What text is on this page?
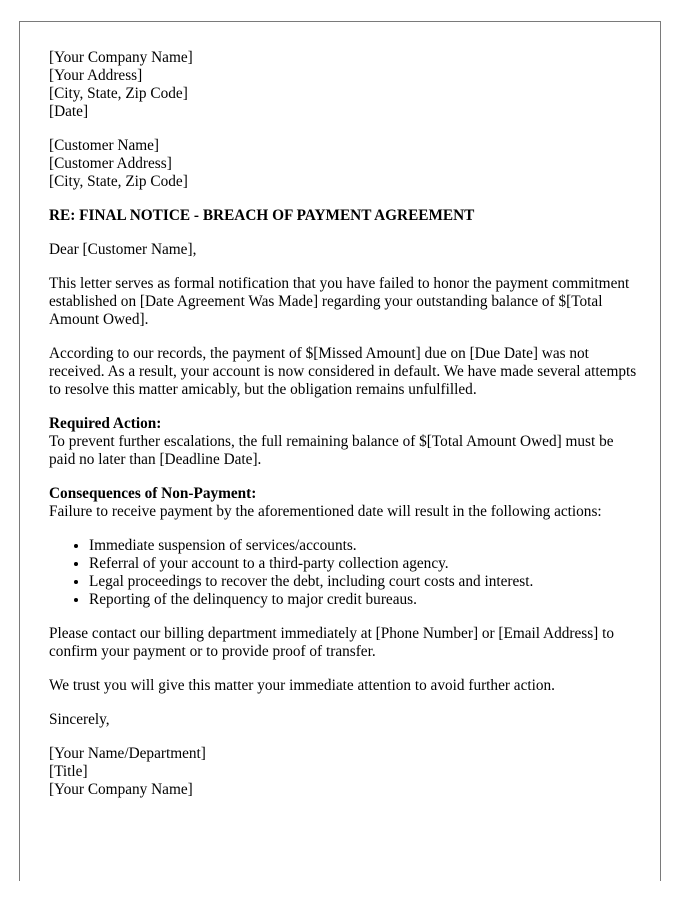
[Your Company Name]
[Your Address]
[City, State, Zip Code]
[Date]
[Customer Name]
[Customer Address]
[City, State, Zip Code]
RE: FINAL NOTICE - BREACH OF PAYMENT AGREEMENT

Dear [Customer Name],

This letter serves as formal notification that you have failed to honor the payment commitment established on [Date Agreement Was Made] regarding your outstanding balance of $[Total Amount Owed].

According to our records, the payment of $[Missed Amount] due on [Due Date] was not received. As a result, your account is now considered in default. We have made several attempts to resolve this matter amicably, but the obligation remains unfulfilled.

Required Action:
To prevent further escalations, the full remaining balance of $[Total Amount Owed] must be paid no later than [Deadline Date].

Consequences of Non-Payment:

Failure to receive payment by the aforementioned date will result in the following actions:

• Immediate suspension of services/accounts.
• Referral of your account to a third-party collection agency.
• Legal proceedings to recover the debt, including court costs and interest.
• Reporting of the delinquency to major credit bureaus.

Please contact our billing department immediately at [Phone Number] or [Email Address] to confirm your payment or to provide proof of transfer.

We trust you will give this matter your immediate attention to avoid further action.

Sincerely,

[Your Name/Department]
[Title]
[Your Company Name]
